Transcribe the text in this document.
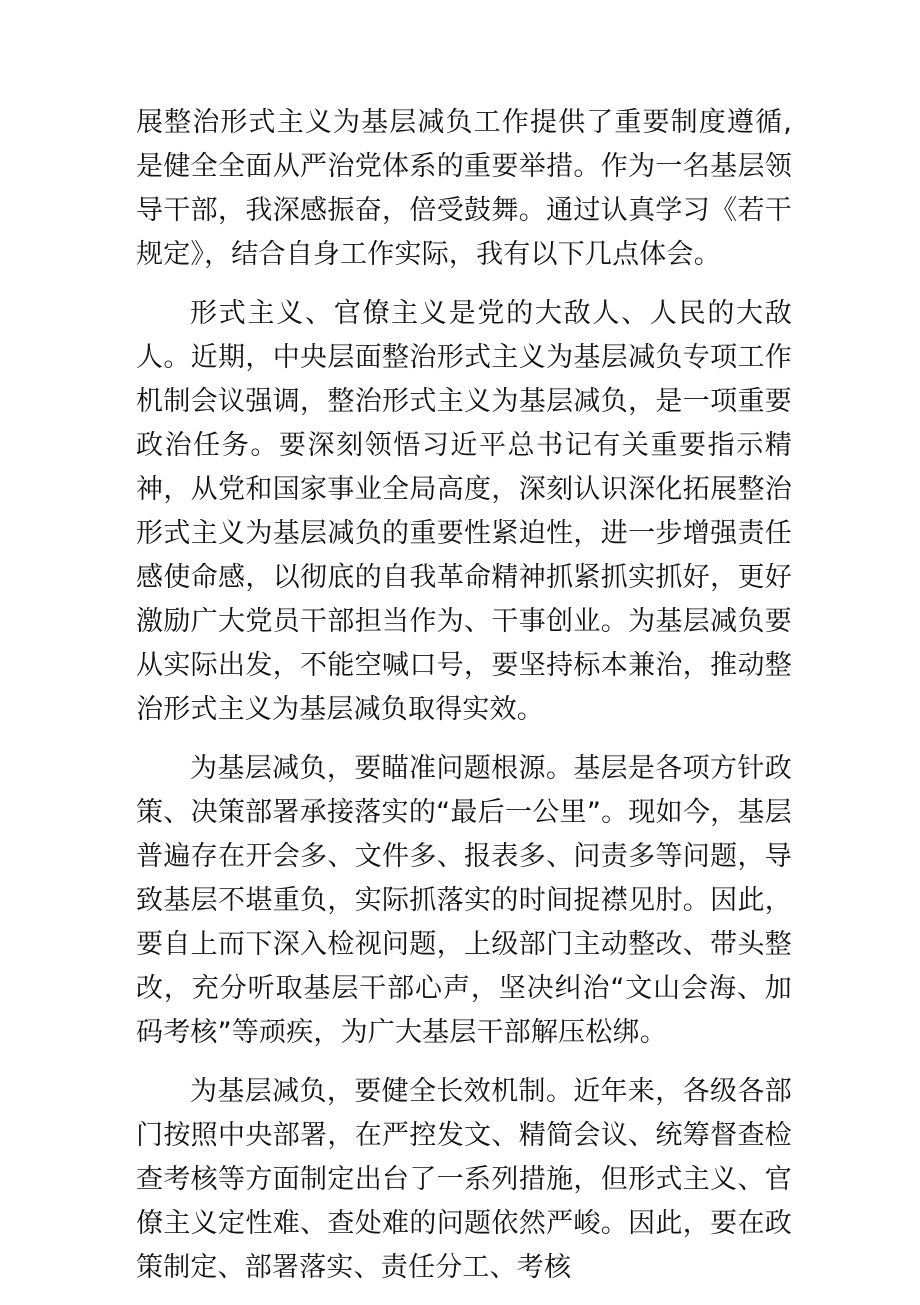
展整治形式主义为基层减负工作提供了重要制度遵循,是健全全面从严治党体系的重要举措。作为一名基层领导干部，我深感振奋，倍受鼓舞。通过认真学习《若干规定》，结合自身工作实际，我有以下几点体会。

形式主义、官僚主义是党的大敌人、人民的大敌人。近期，中央层面整治形式主义为基层减负专项工作机制会议强调，整治形式主义为基层减负，是一项重要政治任务。要深刻领悟习近平总书记有关重要指示精神，从党和国家事业全局高度，深刻认识深化拓展整治形式主义为基层减负的重要性紧迫性，进一步增强责任感使命感，以彻底的自我革命精神抓紧抓实抓好，更好激励广大党员干部担当作为、干事创业。为基层减负要从实际出发，不能空喊口号，要坚持标本兼治，推动整治形式主义为基层减负取得实效。

为基层减负，要瞄准问题根源。基层是各项方针政策、决策部署承接落实的“最后一公里”。现如今，基层普遍存在开会多、文件多、报表多、问责多等问题，导致基层不堪重负，实际抓落实的时间捉襟见肘。因此，要自上而下深入检视问题，上级部门主动整改、带头整改，充分听取基层干部心声，坚决纠治“文山会海、加码考核”等顽疾，为广大基层干部解压松绑。

为基层减负，要健全长效机制。近年来，各级各部门按照中央部署，在严控发文、精简会议、统筹督查检查考核等方面制定出台了一系列措施，但形式主义、官僚主义定性难、查处难的问题依然严峻。因此，要在政策制定、部署落实、责任分工、考核
